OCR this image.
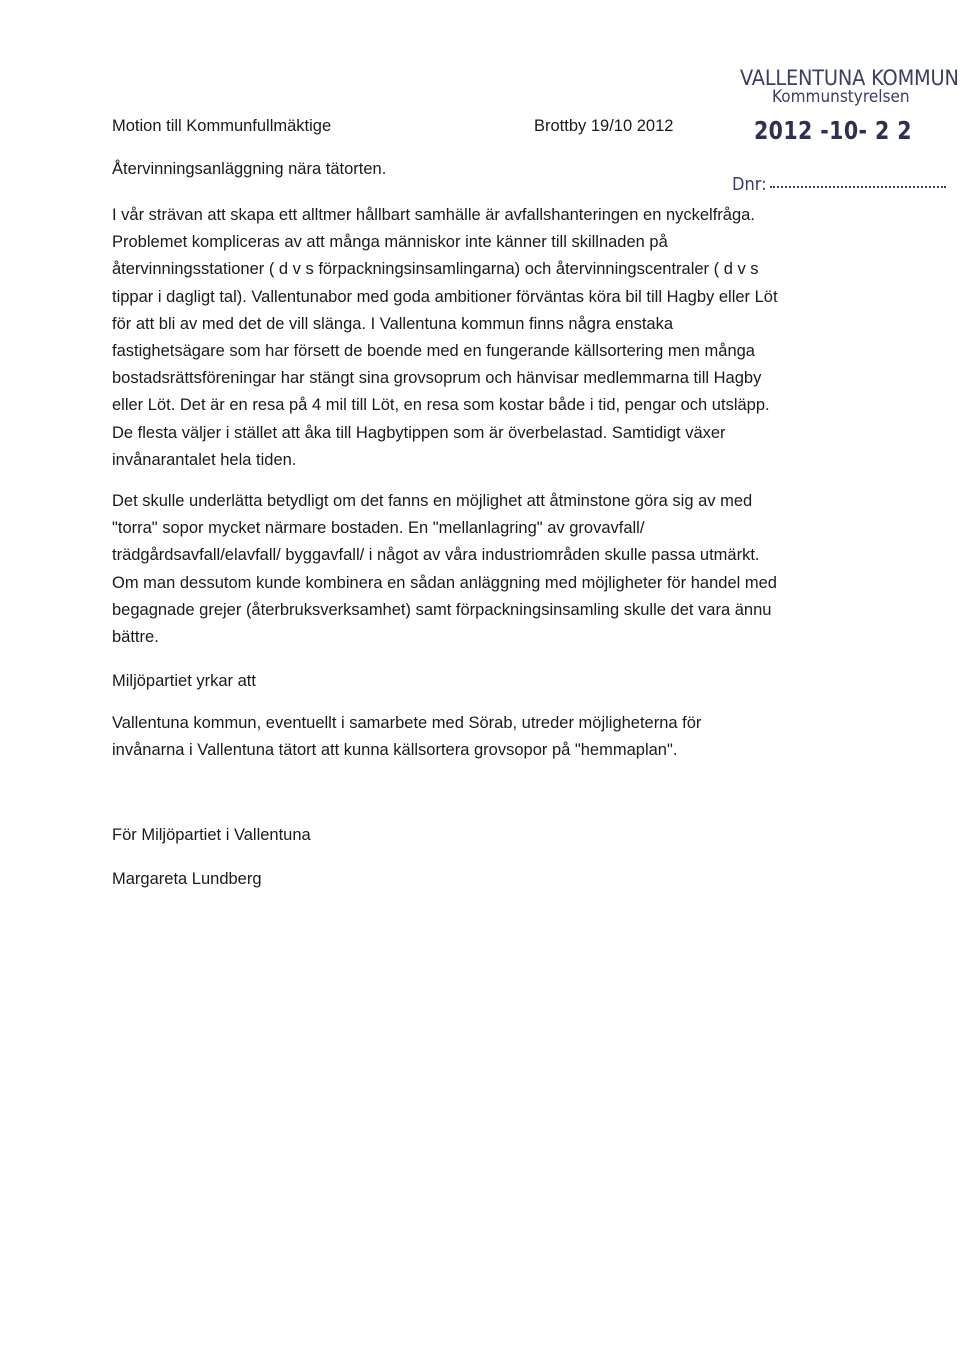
VALLENTUNA KOMMUN
Kommunstyrelsen
2012 -10- 2 2
Dnr:
Motion till Kommunfullmäktige	Brottby 19/10 2012
Återvinningsanläggning nära tätorten.
I vår strävan att skapa ett alltmer hållbart samhälle är avfallshanteringen en nyckelfråga.
Problemet kompliceras av att många människor inte känner till skillnaden på
återvinningsstationer ( d v s förpackningsinsamlingarna) och återvinningscentraler ( d v s
tippar i dagligt tal). Vallentunabor med goda ambitioner förväntas köra bil till Hagby eller Löt
för att bli av med det de vill slänga. I Vallentuna kommun finns några enstaka
fastighetsägare som har försett de boende med en fungerande källsortering men många
bostadsrättsföreningar har stängt sina grovsoprum och hänvisar medlemmarna till Hagby
eller Löt. Det är en resa på 4 mil till Löt, en resa som kostar både i tid, pengar och utsläpp.
De flesta väljer i stället att åka till Hagbytippen som är överbelastad. Samtidigt växer
invånarantalet hela tiden.
Det skulle underlätta betydligt om det fanns en möjlighet att åtminstone göra sig av med
"torra" sopor mycket närmare bostaden. En "mellanlagring" av grovavfall/
trädgårdsavfall/elavfall/ byggavfall/ i något av våra industriområden skulle passa utmärkt.
Om man dessutom kunde kombinera en sådan anläggning med möjligheter för handel med
begagnade grejer (återbruksverksamhet) samt förpackningsinsamling skulle det vara ännu
bättre.
Miljöpartiet yrkar att
Vallentuna kommun, eventuellt i samarbete med Sörab, utreder möjligheterna för
invånarna i Vallentuna tätort att kunna källsortera grovsopor på "hemmaplan".
För Miljöpartiet i Vallentuna
Margareta Lundberg
